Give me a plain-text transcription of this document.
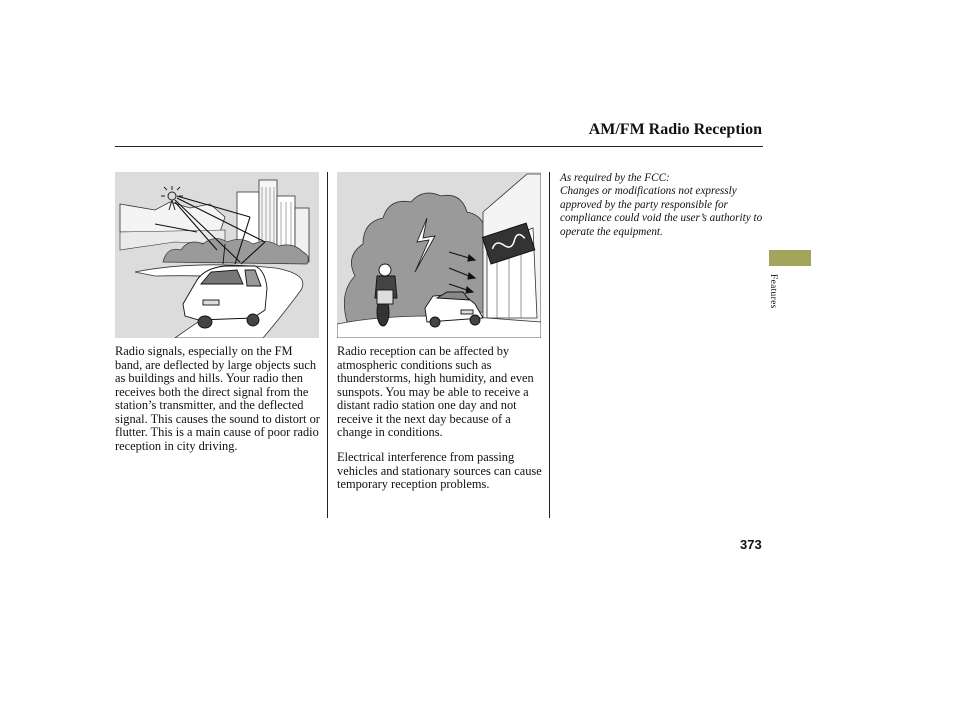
AM/FM Radio Reception

Radio signals, especially on the FM band, are deflected by large objects such as buildings and hills. Your radio then receives both the direct signal from the station’s transmitter, and the deflected signal. This causes the sound to distort or flutter. This is a main cause of poor radio reception in city driving.

Radio reception can be affected by atmospheric conditions such as thunderstorms, high humidity, and even sunspots. You may be able to receive a distant radio station one day and not receive it the next day because of a change in conditions.

Electrical interference from passing vehicles and stationary sources can cause temporary reception problems.

As required by the FCC:

Changes or modifications not expressly approved by the party responsible for compliance could void the user’s authority to operate the equipment.

Features
373
